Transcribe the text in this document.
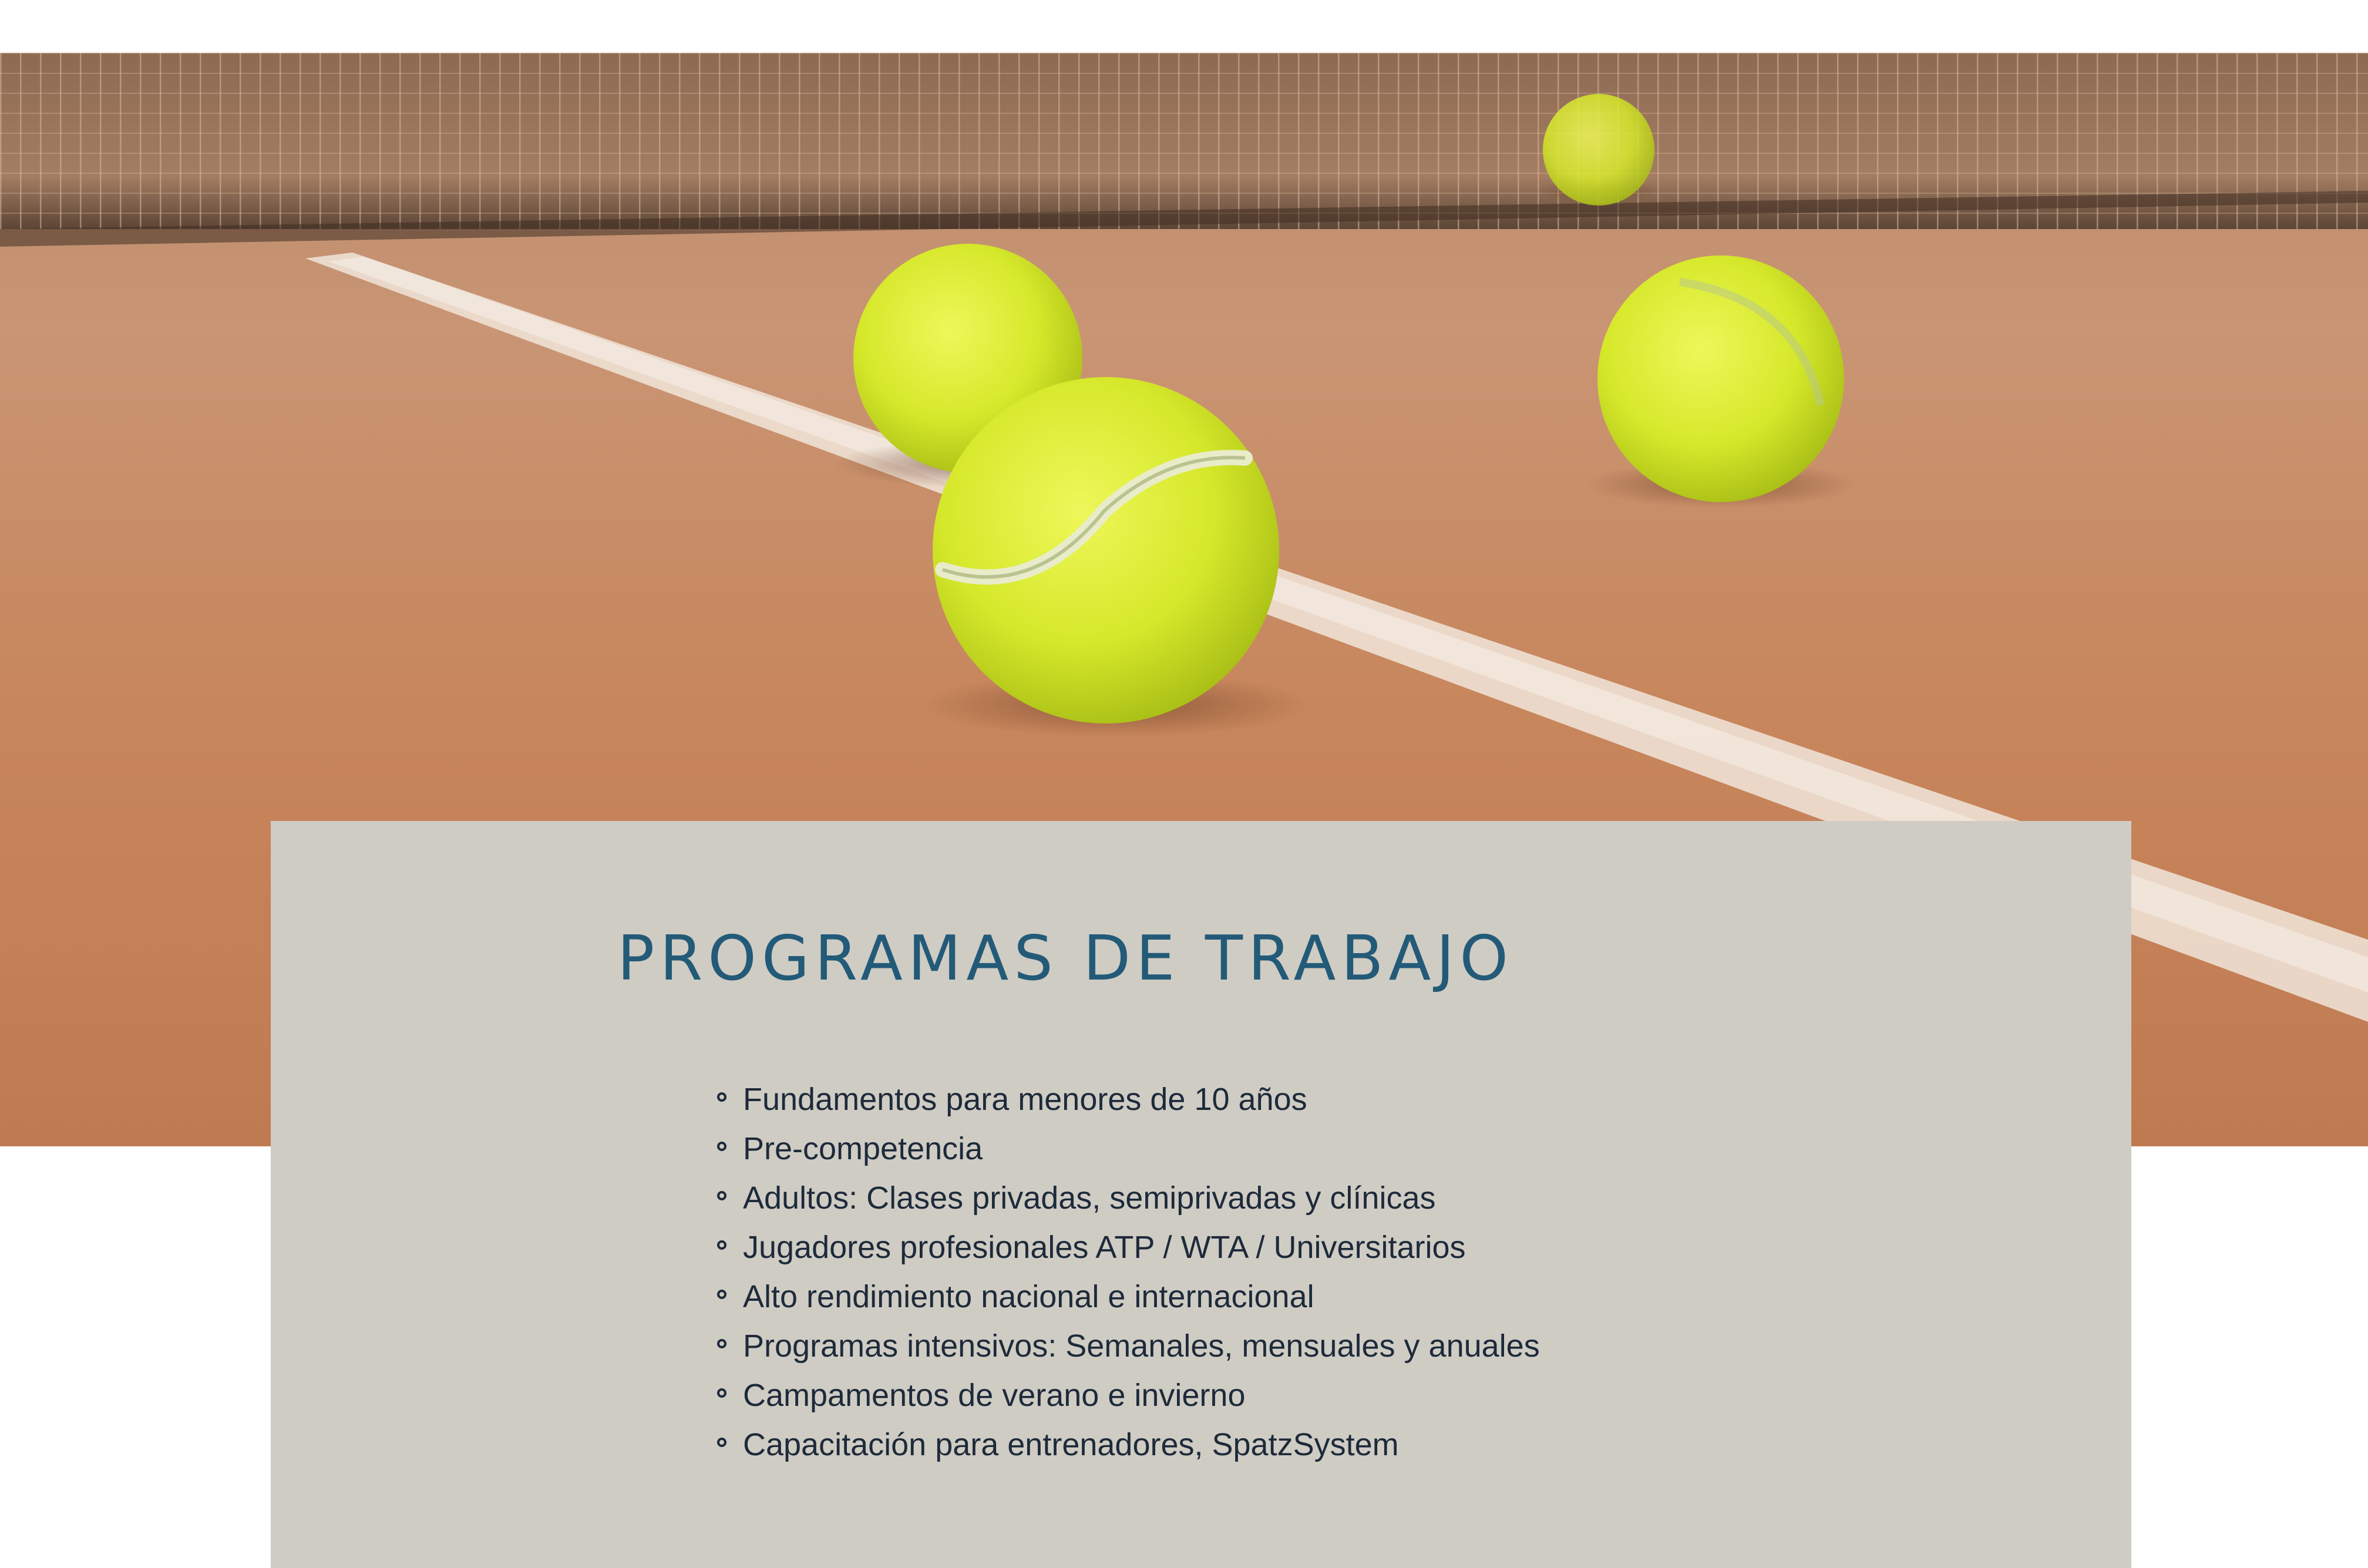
PROGRAMAS DE TRABAJO
Fundamentos para menores de 10 años
Pre-competencia
Adultos: Clases privadas, semiprivadas y clínicas
Jugadores profesionales ATP / WTA / Universitarios
Alto rendimiento nacional e internacional
Programas intensivos: Semanales, mensuales y anuales
Campamentos de verano e invierno
Capacitación para entrenadores, SpatzSystem
